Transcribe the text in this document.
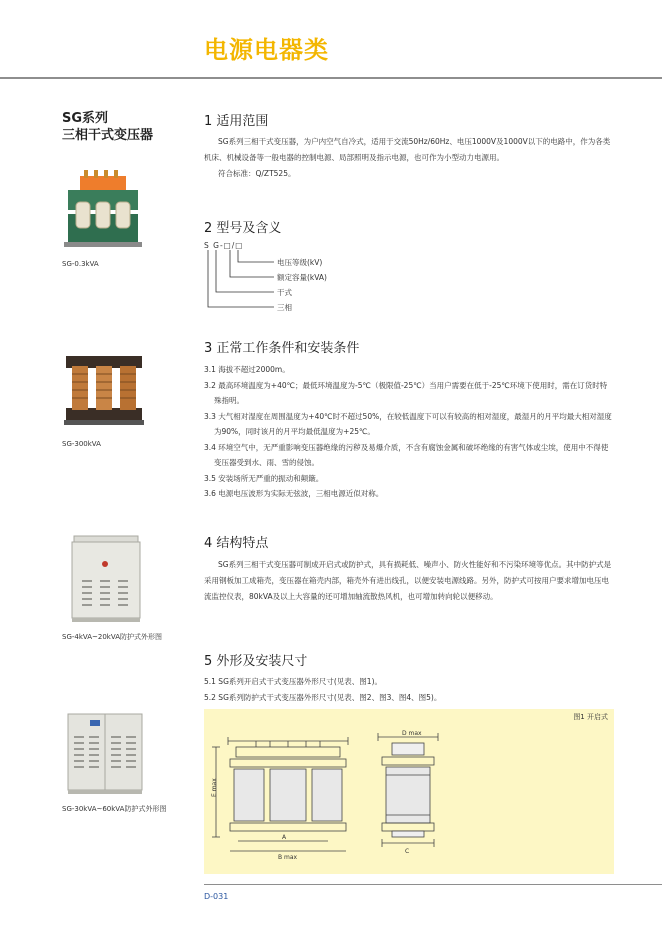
电源电器类
SG系列
三相干式变压器
SG-0.3kVA
SG-300kVA
SG-4kVA~20kVA防护式外形图
SG-30kVA~60kVA防护式外形图
1 适用范围

SG系列三相干式变压器，为户内空气自冷式，适用于交流50Hz/60Hz、电压1000V及1000V以下的电路中，作为各类机床、机械设备等一般电器的控制电源、局部照明及指示电源，也可作为小型动力电源用。

符合标准：Q/ZT525。

2 型号及含义
S G-□/□
电压等级(kV)
额定容量(kVA)
干式
三相
3 正常工作条件和安装条件
3.1 海拔不超过2000m。
3.2 最高环境温度为+40℃；最低环境温度为-5℃（极限值-25℃）当用户需要在低于-25℃环境下使用时，需在订货时特殊指明。
3.3 大气相对湿度在周围温度为+40℃时不超过50%，在较低温度下可以有较高的相对湿度，最湿月的月平均最大相对湿度为90%，同时该月的月平均最低温度为+25℃。
3.4 环境空气中，无严重影响变压器绝缘的污秽及易爆介质，不含有腐蚀金属和破坏绝缘的有害气体或尘埃，使用中不得使变压器受到水、雨、雪的侵蚀。
3.5 安装场所无严重的振动和颠簸。
3.6 电源电压波形为实际无弦波，三相电源近似对称。
4 结构特点

SG系列三相干式变压器可制成开启式或防护式，具有损耗低、噪声小、防火性能好和不污染环境等优点。其中防护式是采用钢板加工成箱壳，变压器在箱壳内部，箱壳外有进出线孔，以便安装电源线路。另外，防护式可按用户要求增加电压电流监控仪表，80kVA及以上大容量的还可增加轴流散热风机，也可增加转向轮以便移动。

5 外形及安装尺寸
5.1 SG系列开启式干式变压器外形尺寸(见表、图1)。
5.2 SG系列防护式干式变压器外形尺寸(见表、图2、图3、图4、图5)。
图1 开启式
E max
A
B max
D max
C
D-031
